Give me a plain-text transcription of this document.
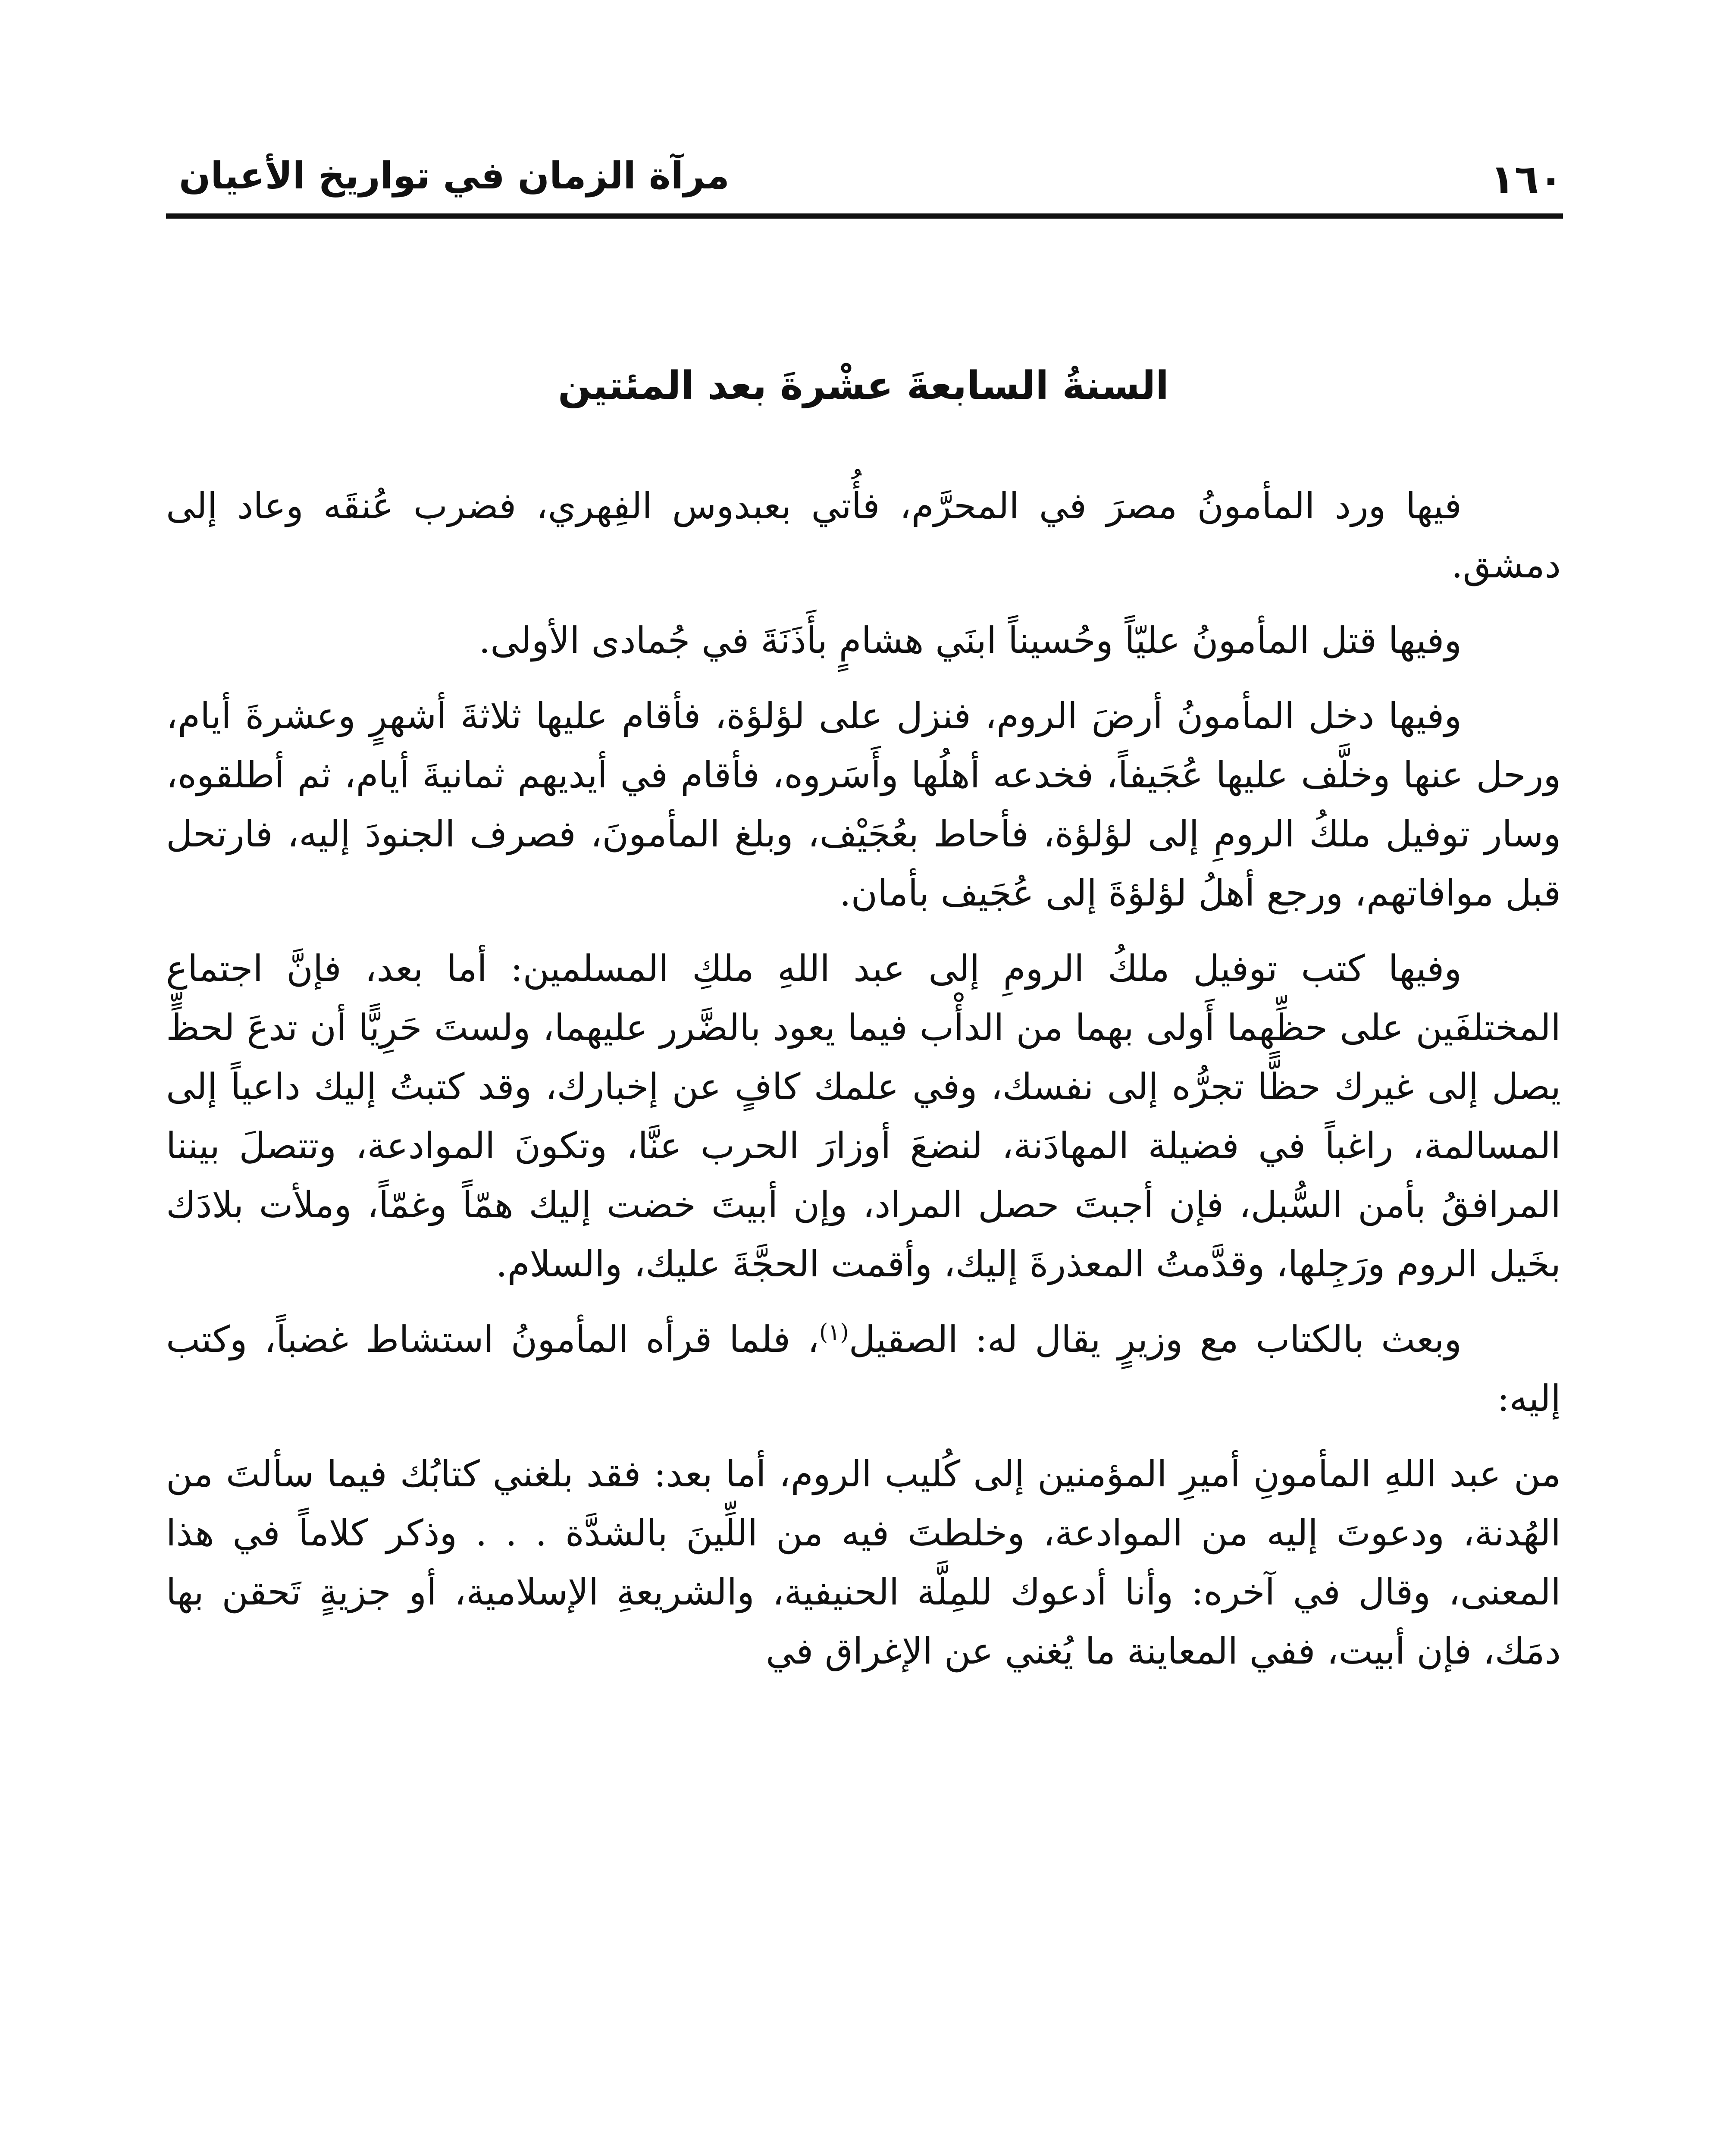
١٦٠
مرآة الزمان في تواريخ الأعيان
السنةُ السابعةَ عشْرةَ بعد المئتين

فيها ورد المأمونُ مصرَ في المحرَّم، فأُتي بعبدوس الفِهري، فضرب عُنقَه وعاد إلى دمشق.

وفيها قتل المأمونُ عليّاً وحُسيناً ابنَي هشامٍ بأَذَنَةَ في جُمادى الأولى.

وفيها دخل المأمونُ أرضَ الروم، فنزل على لؤلؤة، فأقام عليها ثلاثةَ أشهرٍ وعشرةَ أيام، ورحل عنها وخلَّف عليها عُجَيفاً، فخدعه أهلُها وأَسَروه، فأقام في أيديهم ثمانيةَ أيام، ثم أطلقوه، وسار توفيل ملكُ الرومِ إلى لؤلؤة، فأحاط بعُجَيْف، وبلغ المأمونَ، فصرف الجنودَ إليه، فارتحل قبل موافاتهم، ورجع أهلُ لؤلؤةَ إلى عُجَيف بأمان.

وفيها كتب توفيل ملكُ الرومِ إلى عبد اللهِ ملكِ المسلمين: أما بعد، فإنَّ اجتماع المختلفَين على حظِّهما أَولى بهما من الدأْب فيما يعود بالضَّرر عليهما، ولستَ حَرِيًّا أن تدعَ لحظٍّ يصل إلى غيرك حظًّا تجرُّه إلى نفسك، وفي علمك كافٍ عن إخبارك، وقد كتبتُ إليك داعياً إلى المسالمة، راغباً في فضيلة المهادَنة، لنضعَ أوزارَ الحرب عنَّا، وتكونَ الموادعة، وتتصلَ بيننا المرافقُ بأمن السُّبل، فإن أجبتَ حصل المراد، وإن أبيتَ خضت إليك همّاً وغمّاً، وملأت بلادَك بخَيل الروم ورَجِلها، وقدَّمتُ المعذرةَ إليك، وأقمت الحجَّةَ عليك، والسلام.

وبعث بالكتاب مع وزيرٍ يقال له: الصقيل$^{(١)}$، فلما قرأه المأمونُ استشاط غضباً، وكتب إليه:

من عبد اللهِ المأمونِ أميرِ المؤمنين إلى كُليب الروم، أما بعد: فقد بلغني كتابُك فيما سألتَ من الهُدنة، ودعوتَ إليه من الموادعة، وخلطتَ فيه من اللِّينَ بالشدَّة . . . وذكر كلاماً في هذا المعنى، وقال في آخره: وأنا أدعوك للمِلَّة الحنيفية، والشريعةِ الإسلامية، أو جزيةٍ تَحقن بها دمَك، فإن أبيت، ففي المعاينة ما يُغني عن الإغراق في
